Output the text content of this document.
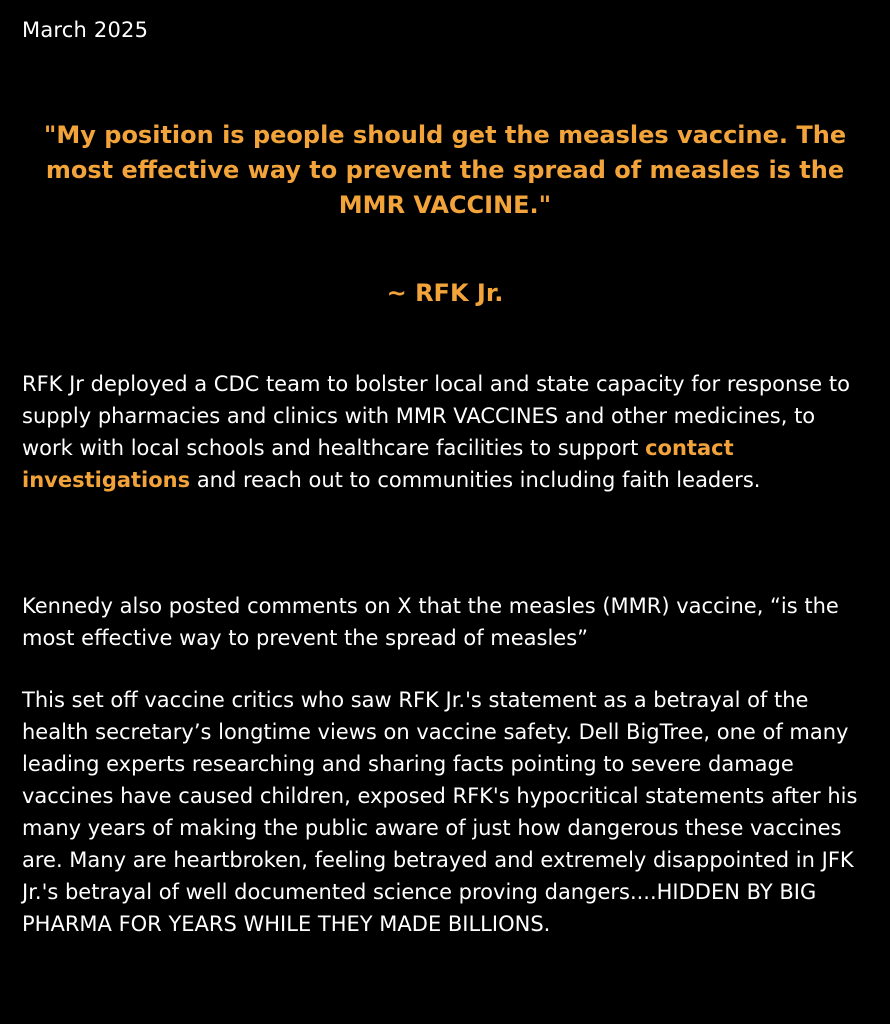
March 2025
"My position is people should get the measles vaccine. The most effective way to prevent the spread of measles is the MMR VACCINE."
~ RFK Jr.
RFK Jr deployed a CDC team to bolster local and state capacity for response to supply pharmacies and clinics with MMR VACCINES and other medicines, to work with local schools and healthcare facilities to support contact investigations and reach out to communities including faith leaders.
Kennedy also posted comments on X that the measles (MMR) vaccine, “is the most effective way to prevent the spread of measles”
This set off vaccine critics who saw RFK Jr.'s statement as a betrayal of the health secretary’s longtime views on vaccine safety. Dell BigTree, one of many leading experts researching and sharing facts pointing to severe damage vaccines have caused children, exposed RFK's hypocritical statements after his many years of making the public aware of just how dangerous these vaccines are. Many are heartbroken, feeling betrayed and extremely disappointed in JFK Jr.'s betrayal of well documented science proving dangers....HIDDEN BY BIG PHARMA FOR YEARS WHILE THEY MADE BILLIONS.
